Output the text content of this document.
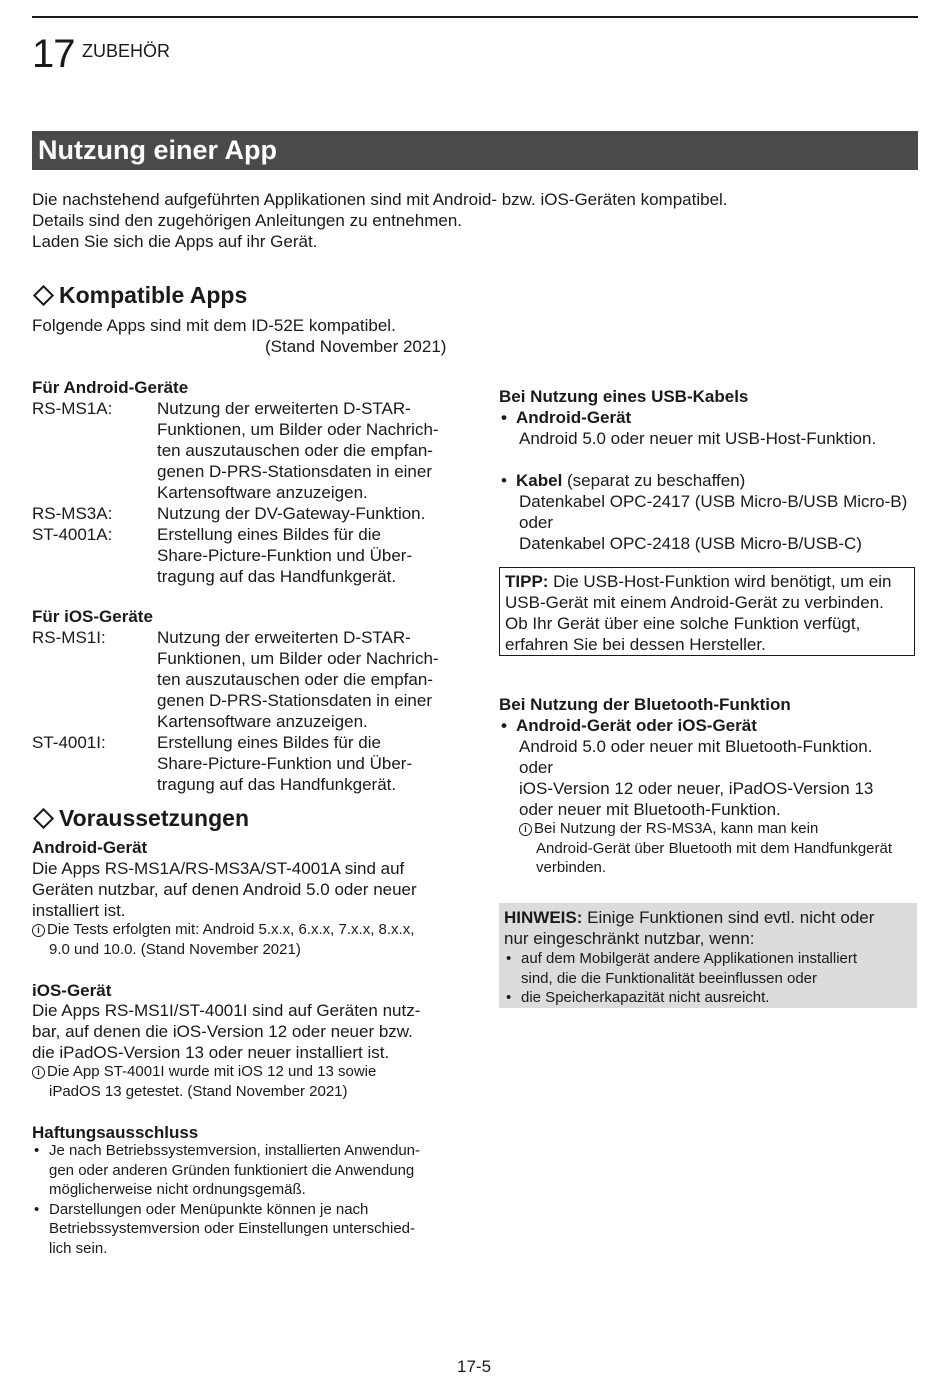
17 ZUBEHÖR
Nutzung einer App
Die nachstehend aufgeführten Applikationen sind mit Android- bzw. iOS-Geräten kompatibel.
Details sind den zugehörigen Anleitungen zu entnehmen.
Laden Sie sich die Apps auf ihr Gerät.
Kompatible Apps
Folgende Apps sind mit dem ID-52E kompatibel.
(Stand November 2021)
Für Android-Geräte
RS-MS1A:	Nutzung der erweiterten D-STAR-
Funktionen, um Bilder oder Nachrich-
ten auszutauschen oder die empfan-
genen D-PRS-Stationsdaten in einer
Kartensoftware anzuzeigen.
RS-MS3A:	Nutzung der DV-Gateway-Funktion.
ST-4001A:	Erstellung eines Bildes für die
Share-Picture-Funktion und Über-
tragung auf das Handfunkgerät.
Für iOS-Geräte
RS-MS1I:	Nutzung der erweiterten D-STAR-
Funktionen, um Bilder oder Nachrich-
ten auszutauschen oder die empfan-
genen D-PRS-Stationsdaten in einer
Kartensoftware anzuzeigen.
ST-4001I:	Erstellung eines Bildes für die
Share-Picture-Funktion und Über-
tragung auf das Handfunkgerät.
Voraussetzungen
Android-Gerät
Die Apps RS-MS1A/RS-MS3A/ST-4001A sind auf
Geräten nutzbar, auf denen Android 5.0 oder neuer
installiert ist.
i Die Tests erfolgten mit: Android 5.x.x, 6.x.x, 7.x.x, 8.x.x,
9.0 und 10.0. (Stand November 2021)
iOS-Gerät
Die Apps RS-MS1I/ST-4001I sind auf Geräten nutz-
bar, auf denen die iOS-Version 12 oder neuer bzw.
die iPadOS-Version 13 oder neuer installiert ist.
i Die App ST-4001I wurde mit iOS 12 und 13 sowie
iPadOS 13 getestet. (Stand November 2021)
Haftungsausschluss
• Je nach Betriebssystemversion, installierten Anwendun-
gen oder anderen Gründen funktioniert die Anwendung
möglicherweise nicht ordnungsgemäß.
• Darstellungen oder Menüpunkte können je nach
Betriebssystemversion oder Einstellungen unterschied-
lich sein.
Bei Nutzung eines USB-Kabels
• Android-Gerät
Android 5.0 oder neuer mit USB-Host-Funktion.
• Kabel (separat zu beschaffen)
Datenkabel OPC-2417 (USB Micro-B/USB Micro-B)
oder
Datenkabel OPC-2418 (USB Micro-B/USB-C)
TIPP: Die USB-Host-Funktion wird benötigt, um ein
USB-Gerät mit einem Android-Gerät zu verbinden.
Ob Ihr Gerät über eine solche Funktion verfügt,
erfahren Sie bei dessen Hersteller.
Bei Nutzung der Bluetooth-Funktion
• Android-Gerät oder iOS-Gerät
Android 5.0 oder neuer mit Bluetooth-Funktion.
oder
iOS-Version 12 oder neuer, iPadOS-Version 13
oder neuer mit Bluetooth-Funktion.
i Bei Nutzung der RS-MS3A, kann man kein
Android-Gerät über Bluetooth mit dem Handfunkgerät
verbinden.
HINWEIS: Einige Funktionen sind evtl. nicht oder
nur eingeschränkt nutzbar, wenn:
• auf dem Mobilgerät andere Applikationen installiert
sind, die die Funktionalität beeinflussen oder
• die Speicherkapazität nicht ausreicht.
17-5
